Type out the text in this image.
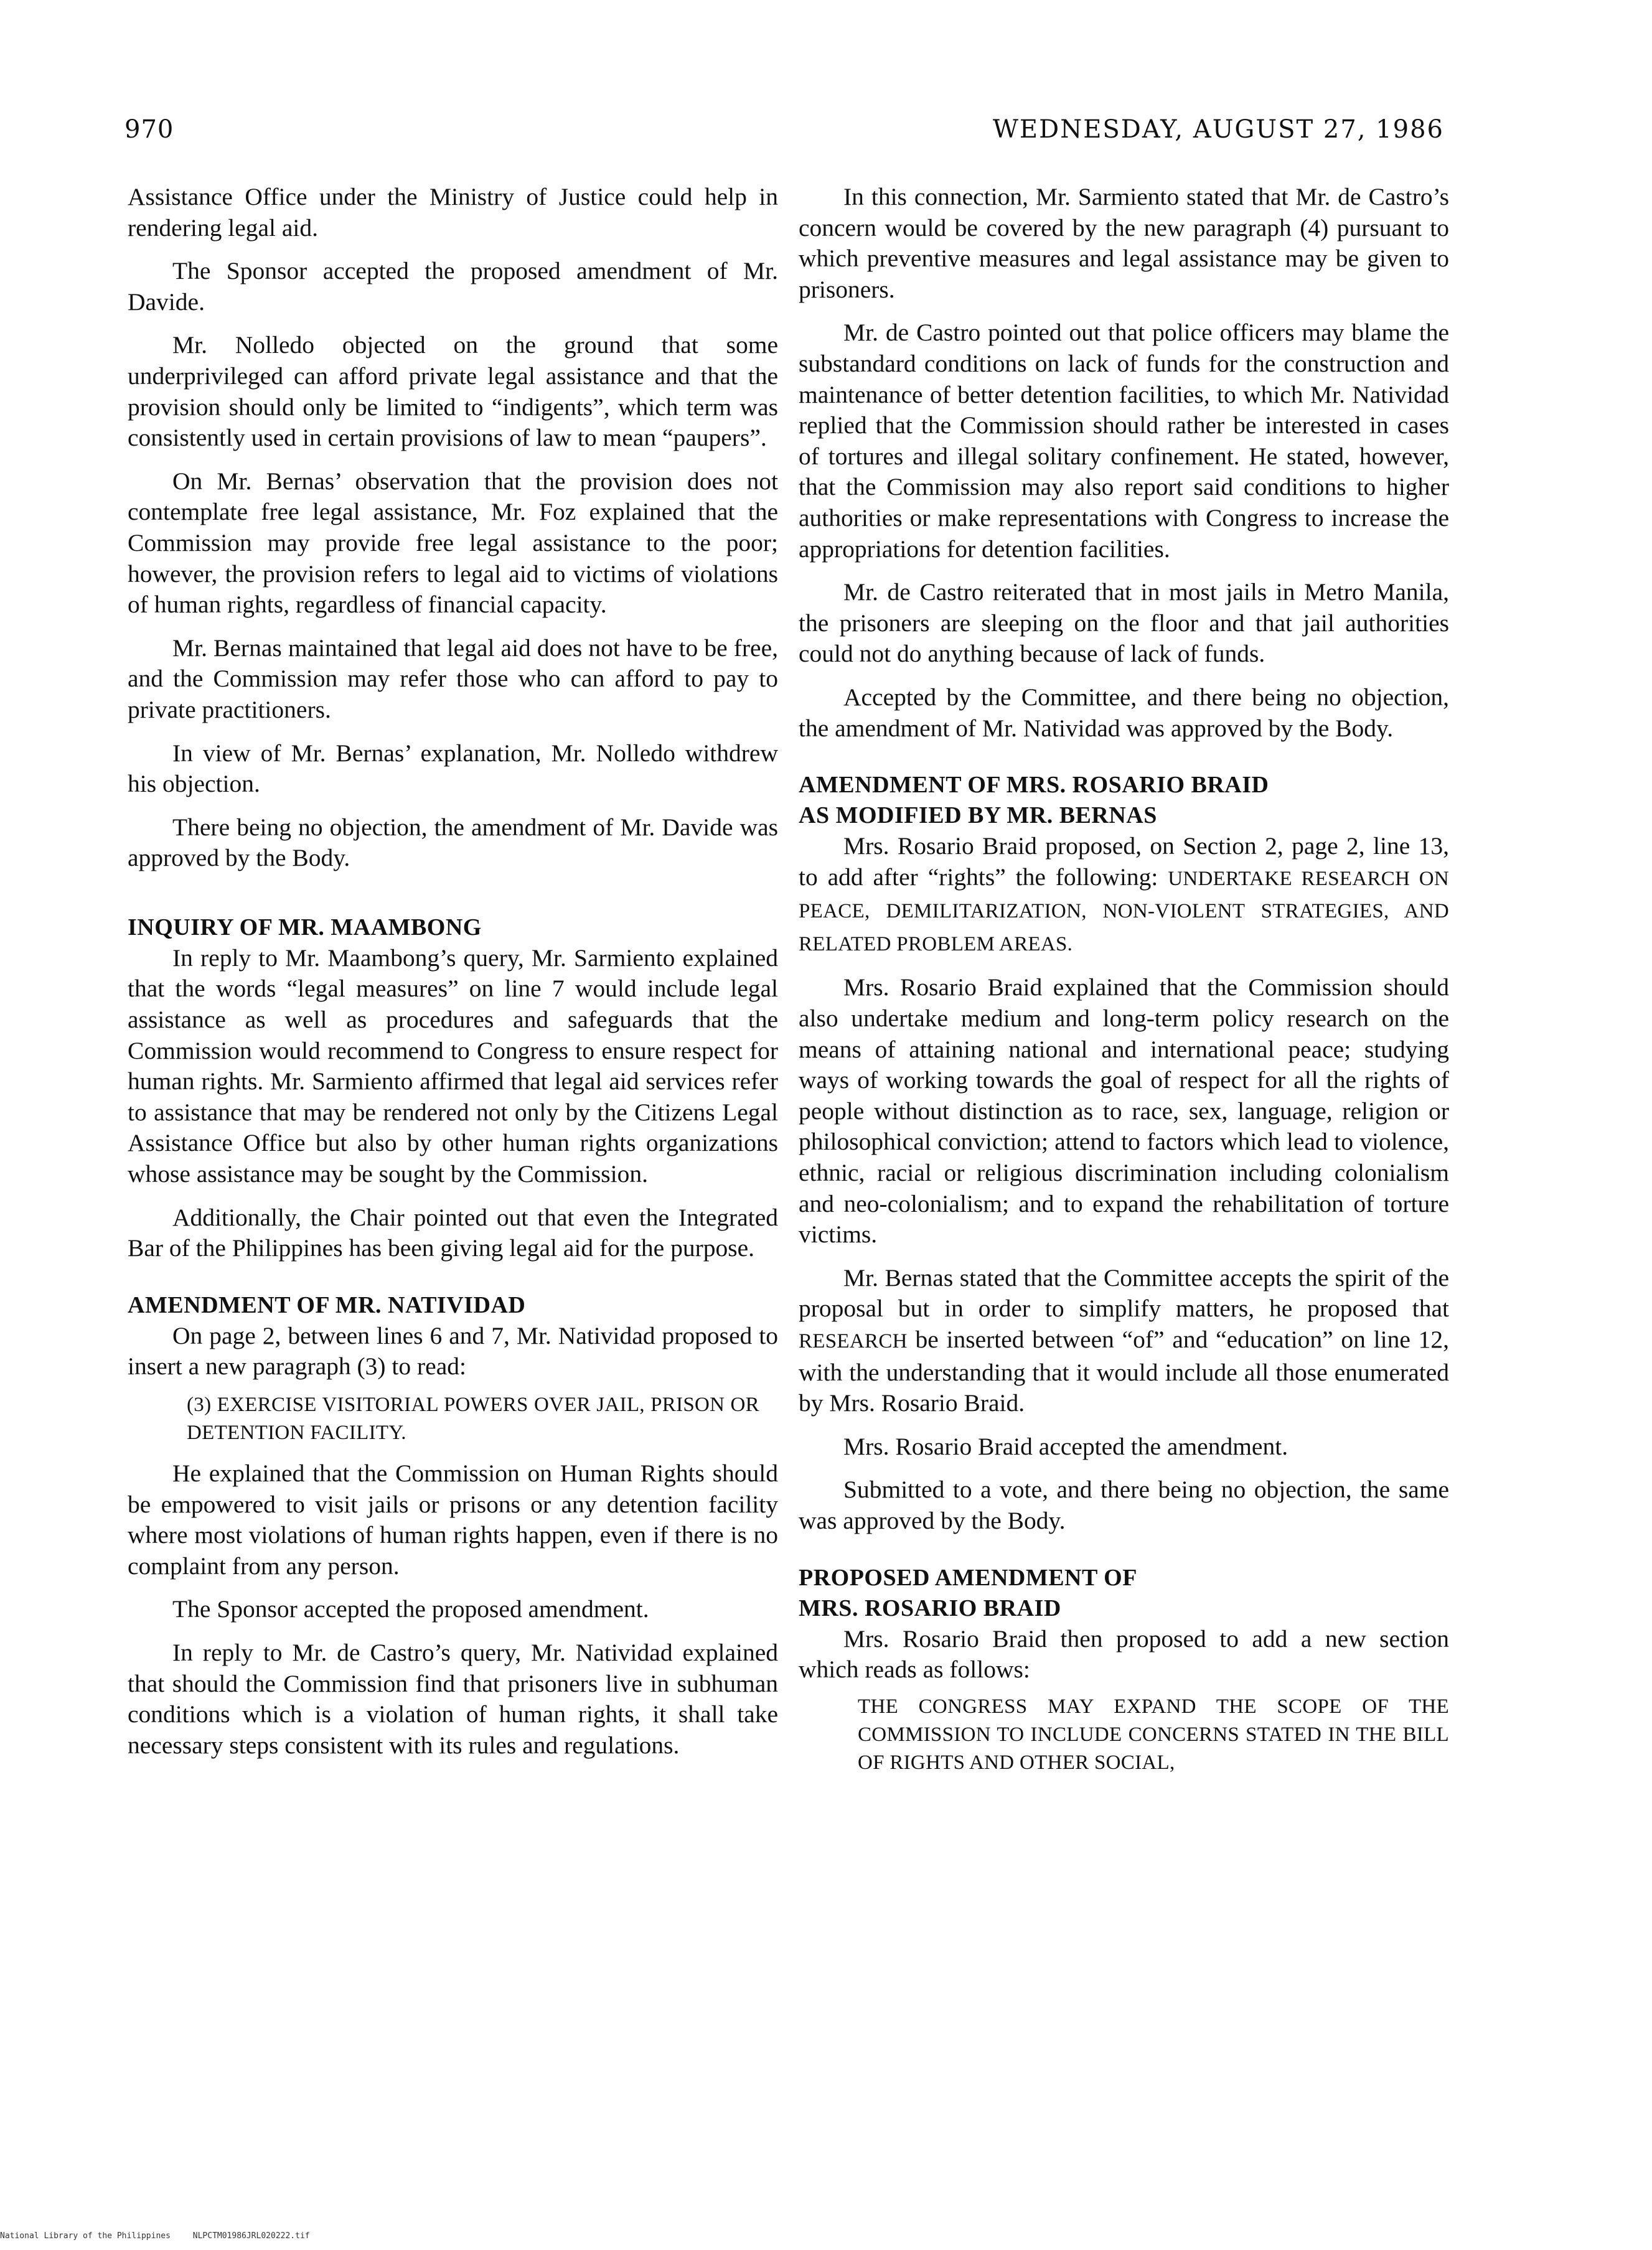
970	WEDNESDAY, AUGUST 27, 1986

Assistance Office under the Ministry of Justice could help in rendering legal aid.

The Sponsor accepted the proposed amendment of Mr. Davide.

Mr. Nolledo objected on the ground that some underprivileged can afford private legal assistance and that the provision should only be limited to “indigents”, which term was consistently used in certain provisions of law to mean “paupers”.

On Mr. Bernas’ observation that the provision does not contemplate free legal assistance, Mr. Foz explained that the Commission may provide free legal assistance to the poor; however, the provision refers to legal aid to victims of violations of human rights, regardless of financial capacity.

Mr. Bernas maintained that legal aid does not have to be free, and the Commission may refer those who can afford to pay to private practitioners.

In view of Mr. Bernas’ explanation, Mr. Nolledo withdrew his objection.

There being no objection, the amendment of Mr. Davide was approved by the Body.

INQUIRY OF MR. MAAMBONG

In reply to Mr. Maambong’s query, Mr. Sarmiento explained that the words “legal measures” on line 7 would include legal assistance as well as procedures and safeguards that the Commission would recommend to Congress to ensure respect for human rights. Mr. Sarmiento affirmed that legal aid services refer to assistance that may be rendered not only by the Citizens Legal Assistance Office but also by other human rights organizations whose assistance may be sought by the Commission.

Additionally, the Chair pointed out that even the Integrated Bar of the Philippines has been giving legal aid for the purpose.

AMENDMENT OF MR. NATIVIDAD

On page 2, between lines 6 and 7, Mr. Natividad proposed to insert a new paragraph (3) to read:

(3) EXERCISE VISITORIAL POWERS OVER JAIL, PRISON OR DETENTION FACILITY.

He explained that the Commission on Human Rights should be empowered to visit jails or prisons or any detention facility where most violations of human rights happen, even if there is no complaint from any person.

The Sponsor accepted the proposed amendment.

In reply to Mr. de Castro’s query, Mr. Natividad explained that should the Commission find that prisoners live in subhuman conditions which is a violation of human rights, it shall take necessary steps consistent with its rules and regulations.

In this connection, Mr. Sarmiento stated that Mr. de Castro’s concern would be covered by the new paragraph (4) pursuant to which preventive measures and legal assistance may be given to prisoners.

Mr. de Castro pointed out that police officers may blame the substandard conditions on lack of funds for the construction and maintenance of better detention facilities, to which Mr. Natividad replied that the Commission should rather be interested in cases of tortures and illegal solitary confinement. He stated, however, that the Commission may also report said conditions to higher authorities or make representations with Congress to increase the appropriations for detention facilities.

Mr. de Castro reiterated that in most jails in Metro Manila, the prisoners are sleeping on the floor and that jail authorities could not do anything because of lack of funds.

Accepted by the Committee, and there being no objection, the amendment of Mr. Natividad was approved by the Body.

AMENDMENT OF MRS. ROSARIO BRAID
AS MODIFIED BY MR. BERNAS

Mrs. Rosario Braid proposed, on Section 2, page 2, line 13, to add after “rights” the following: UNDERTAKE RESEARCH ON PEACE, DEMILITARIZATION, NON-VIOLENT STRATEGIES, AND RELATED PROBLEM AREAS.

Mrs. Rosario Braid explained that the Commission should also undertake medium and long-term policy research on the means of attaining national and international peace; studying ways of working towards the goal of respect for all the rights of people without distinction as to race, sex, language, religion or philosophical conviction; attend to factors which lead to violence, ethnic, racial or religious discrimination including colonialism and neo-colonialism; and to expand the rehabilitation of torture victims.

Mr. Bernas stated that the Committee accepts the spirit of the proposal but in order to simplify matters, he proposed that RESEARCH be inserted between “of” and “education” on line 12, with the understanding that it would include all those enumerated by Mrs. Rosario Braid.

Mrs. Rosario Braid accepted the amendment.

Submitted to a vote, and there being no objection, the same was approved by the Body.

PROPOSED AMENDMENT OF
MRS. ROSARIO BRAID

Mrs. Rosario Braid then proposed to add a new section which reads as follows:

THE CONGRESS MAY EXPAND THE SCOPE OF THE COMMISSION TO INCLUDE CONCERNS STATED IN THE BILL OF RIGHTS AND OTHER SOCIAL,

National Library of the Philippines	NLPCTM01986JRL020222.tif
